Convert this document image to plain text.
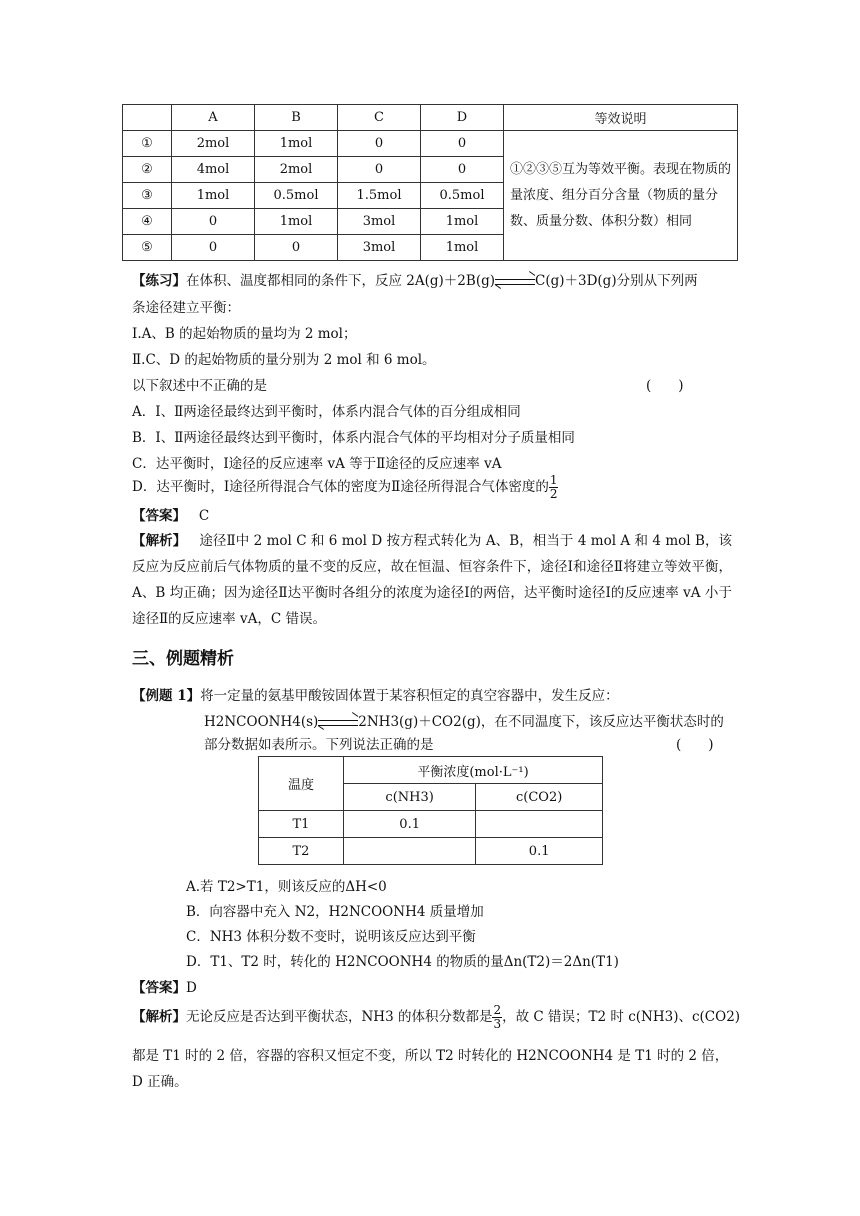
	A	B	C	D	等效说明
①	2mol	1mol	0	0	①②③⑤互为等效平衡。表现在物质的量浓度、组分百分含量（物质的量分数、质量分数、体积分数）相同
②	4mol	2mol	0	0	
③	1mol	0.5mol	1.5mol	0.5mol	
④	0	1mol	3mol	1mol	
⑤	0	0	3mol	1mol	
【练习】在体积、温度都相同的条件下，反应 2A(g)＋2B(g)	C(g)＋3D(g)分别从下列两
条途径建立平衡：
Ⅰ.A、B 的起始物质的量均为 2 mol；
Ⅱ.C、D 的起始物质的量分别为 2 mol 和 6 mol。
以下叙述中不正确的是	(　　)
A．Ⅰ、Ⅱ两途径最终达到平衡时，体系内混合气体的百分组成相同
B．Ⅰ、Ⅱ两途径最终达到平衡时，体系内混合气体的平均相对分子质量相同
C．达平衡时，Ⅰ途径的反应速率 vA 等于Ⅱ途径的反应速率 vA
D．达平衡时，Ⅰ途径所得混合气体的密度为Ⅱ途径所得混合气体密度的 $\frac{1}{2}$
【答案】 C
【解析】 途径Ⅱ中 2 mol C 和 6 mol D 按方程式转化为 A、B，相当于 4 mol A 和 4 mol B，该反应为反应前后气体物质的量不变的反应，故在恒温、恒容条件下，途径Ⅰ和途径Ⅱ将建立等效平衡，A、B 均正确；因为途径Ⅱ达平衡时各组分的浓度为途径Ⅰ的两倍，达平衡时途径Ⅰ的反应速率 vA 小于途径Ⅱ的反应速率 vA，C 错误。
三、例题精析
【例题 1】将一定量的氨基甲酸铵固体置于某容积恒定的真空容器中，发生反应：
H2NCOONH4(s)	2NH3(g)＋CO2(g)，在不同温度下，该反应达平衡状态时的
部分数据如表所示。下列说法正确的是	(　　)
温度	平衡浓度(mol·L⁻¹)	
	c(NH3)	c(CO2)
T1	0.1	
T2		0.1
A.若 T2>T1，则该反应的ΔH<0
B．向容器中充入 N2，H2NCOONH4 质量增加
C．NH3 体积分数不变时，说明该反应达到平衡
D．T1、T2 时，转化的 H2NCOONH4 的物质的量Δn(T2)＝2Δn(T1)
【答案】D
【解析】无论反应是否达到平衡状态，NH3 的体积分数都是 $\frac{2}{3}$ ，故 C 错误；T2 时 c(NH3)、c(CO2)
都是 T1 时的 2 倍，容器的容积又恒定不变，所以 T2 时转化的 H2NCOONH4 是 T1 时的 2 倍，
D 正确。
